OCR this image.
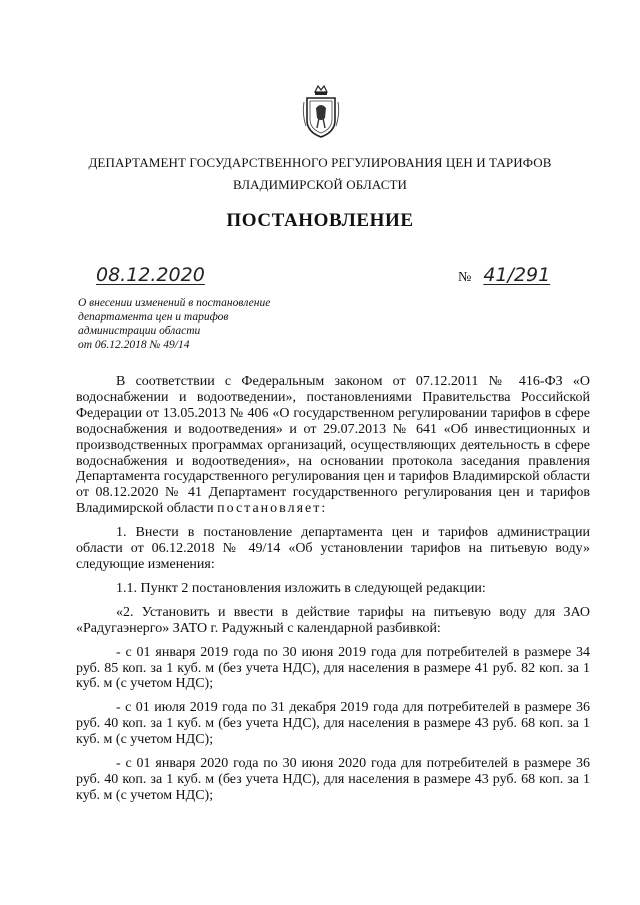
ДЕПАРТАМЕНТ ГОСУДАРСТВЕННОГО РЕГУЛИРОВАНИЯ ЦЕН И ТАРИФОВ
ВЛАДИМИРСКОЙ ОБЛАСТИ
ПОСТАНОВЛЕНИЕ
08.12.2020	№ 41/291
О внесении изменений в постановление
департамента цен и тарифов
администрации области
от 06.12.2018 № 49/14

В соответствии с Федеральным законом от 07.12.2011 № 416-ФЗ «О водоснабжении и водоотведении», постановлениями Правительства Российской Федерации от 13.05.2013 № 406 «О государственном регулировании тарифов в сфере водоснабжения и водоотведения» и от 29.07.2013 № 641 «Об инвестиционных и производственных программах организаций, осуществляющих деятельность в сфере водоснабжения и водоотведения», на основании протокола заседания правления Департамента государственного регулирования цен и тарифов Владимирской области от 08.12.2020 № 41 Департамент государственного регулирования цен и тарифов Владимирской области постановляет:

1. Внести в постановление департамента цен и тарифов администрации области от 06.12.2018 № 49/14 «Об установлении тарифов на питьевую воду» следующие изменения:

1.1. Пункт 2 постановления изложить в следующей редакции:

«2. Установить и ввести в действие тарифы на питьевую воду для ЗАО «Радугаэнерго» ЗАТО г. Радужный с календарной разбивкой:

- с 01 января 2019 года по 30 июня 2019 года для потребителей в размере 34 руб. 85 коп. за 1 куб. м (без учета НДС), для населения в размере 41 руб. 82 коп. за 1 куб. м (с учетом НДС);

- с 01 июля 2019 года по 31 декабря 2019 года для потребителей в размере 36 руб. 40 коп. за 1 куб. м (без учета НДС), для населения в размере 43 руб. 68 коп. за 1 куб. м (с учетом НДС);

- с 01 января 2020 года по 30 июня 2020 года для потребителей в размере 36 руб. 40 коп. за 1 куб. м (без учета НДС), для населения в размере 43 руб. 68 коп. за 1 куб. м (с учетом НДС);
